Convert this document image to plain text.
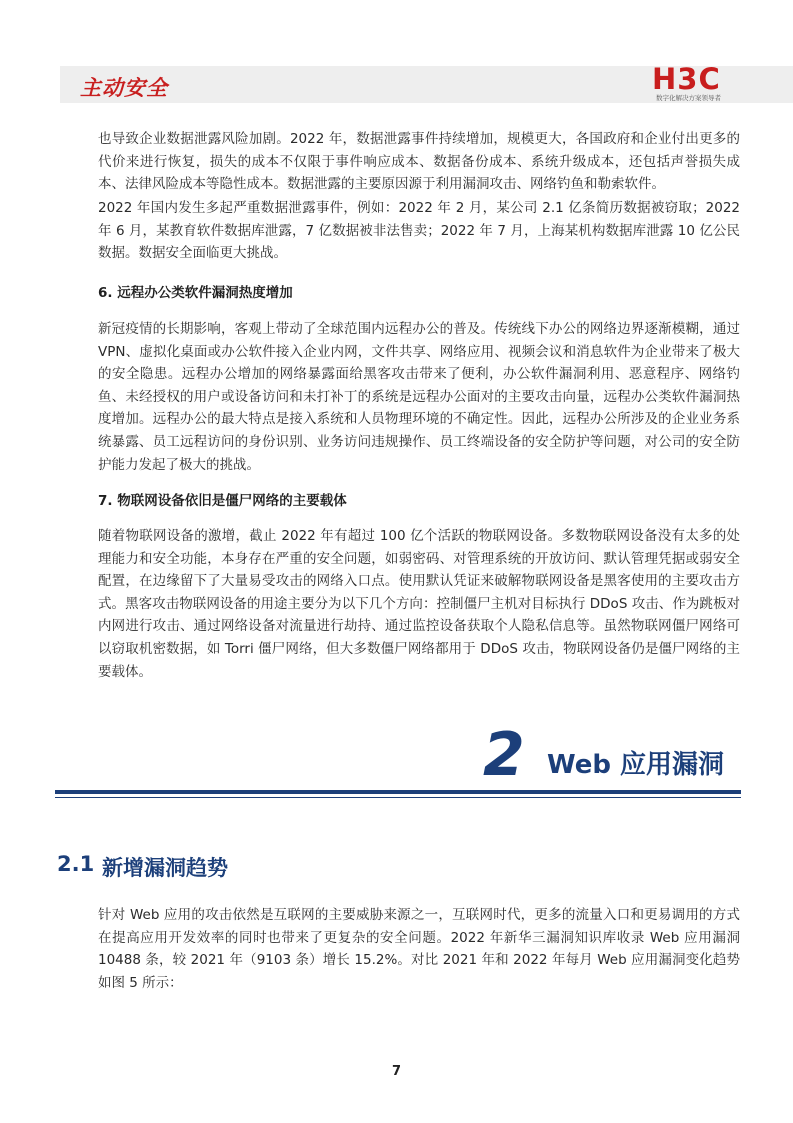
主动安全	H3C
数字化解决方案领导者

也导致企业数据泄露风险加剧。2022 年，数据泄露事件持续增加，规模更大，各国政府和企业付出更多的代价来进行恢复，损失的成本不仅限于事件响应成本、数据备份成本、系统升级成本，还包括声誉损失成本、法律风险成本等隐性成本。数据泄露的主要原因源于利用漏洞攻击、网络钓鱼和勒索软件。

2022 年国内发生多起严重数据泄露事件，例如：2022 年 2 月，某公司 2.1 亿条简历数据被窃取；2022 年 6 月，某教育软件数据库泄露，7 亿数据被非法售卖；2022 年 7 月，上海某机构数据库泄露 10 亿公民数据。数据安全面临更大挑战。

6. 远程办公类软件漏洞热度增加

新冠疫情的长期影响，客观上带动了全球范围内远程办公的普及。传统线下办公的网络边界逐渐模糊，通过 VPN、虚拟化桌面或办公软件接入企业内网，文件共享、网络应用、视频会议和消息软件为企业带来了极大的安全隐患。远程办公增加的网络暴露面给黑客攻击带来了便利，办公软件漏洞利用、恶意程序、网络钓鱼、未经授权的用户或设备访问和未打补丁的系统是远程办公面对的主要攻击向量，远程办公类软件漏洞热度增加。远程办公的最大特点是接入系统和人员物理环境的不确定性。因此，远程办公所涉及的企业业务系统暴露、员工远程访问的身份识别、业务访问违规操作、员工终端设备的安全防护等问题，对公司的安全防护能力发起了极大的挑战。

7. 物联网设备依旧是僵尸网络的主要载体

随着物联网设备的激增，截止 2022 年有超过 100 亿个活跃的物联网设备。多数物联网设备没有太多的处理能力和安全功能，本身存在严重的安全问题，如弱密码、对管理系统的开放访问、默认管理凭据或弱安全配置，在边缘留下了大量易受攻击的网络入口点。使用默认凭证来破解物联网设备是黑客使用的主要攻击方式。黑客攻击物联网设备的用途主要分为以下几个方向：控制僵尸主机对目标执行 DDoS 攻击、作为跳板对内网进行攻击、通过网络设备对流量进行劫持、通过监控设备获取个人隐私信息等。虽然物联网僵尸网络可以窃取机密数据，如 Torri 僵尸网络，但大多数僵尸网络都用于 DDoS 攻击，物联网设备仍是僵尸网络的主要载体。

2 Web 应用漏洞
2.1 新增漏洞趋势

针对 Web 应用的攻击依然是互联网的主要威胁来源之一，互联网时代，更多的流量入口和更易调用的方式在提高应用开发效率的同时也带来了更复杂的安全问题。2022 年新华三漏洞知识库收录 Web 应用漏洞 10488 条，较 2021 年（9103 条）增长 15.2%。对比 2021 年和 2022 年每月 Web 应用漏洞变化趋势如图 5 所示：

7
